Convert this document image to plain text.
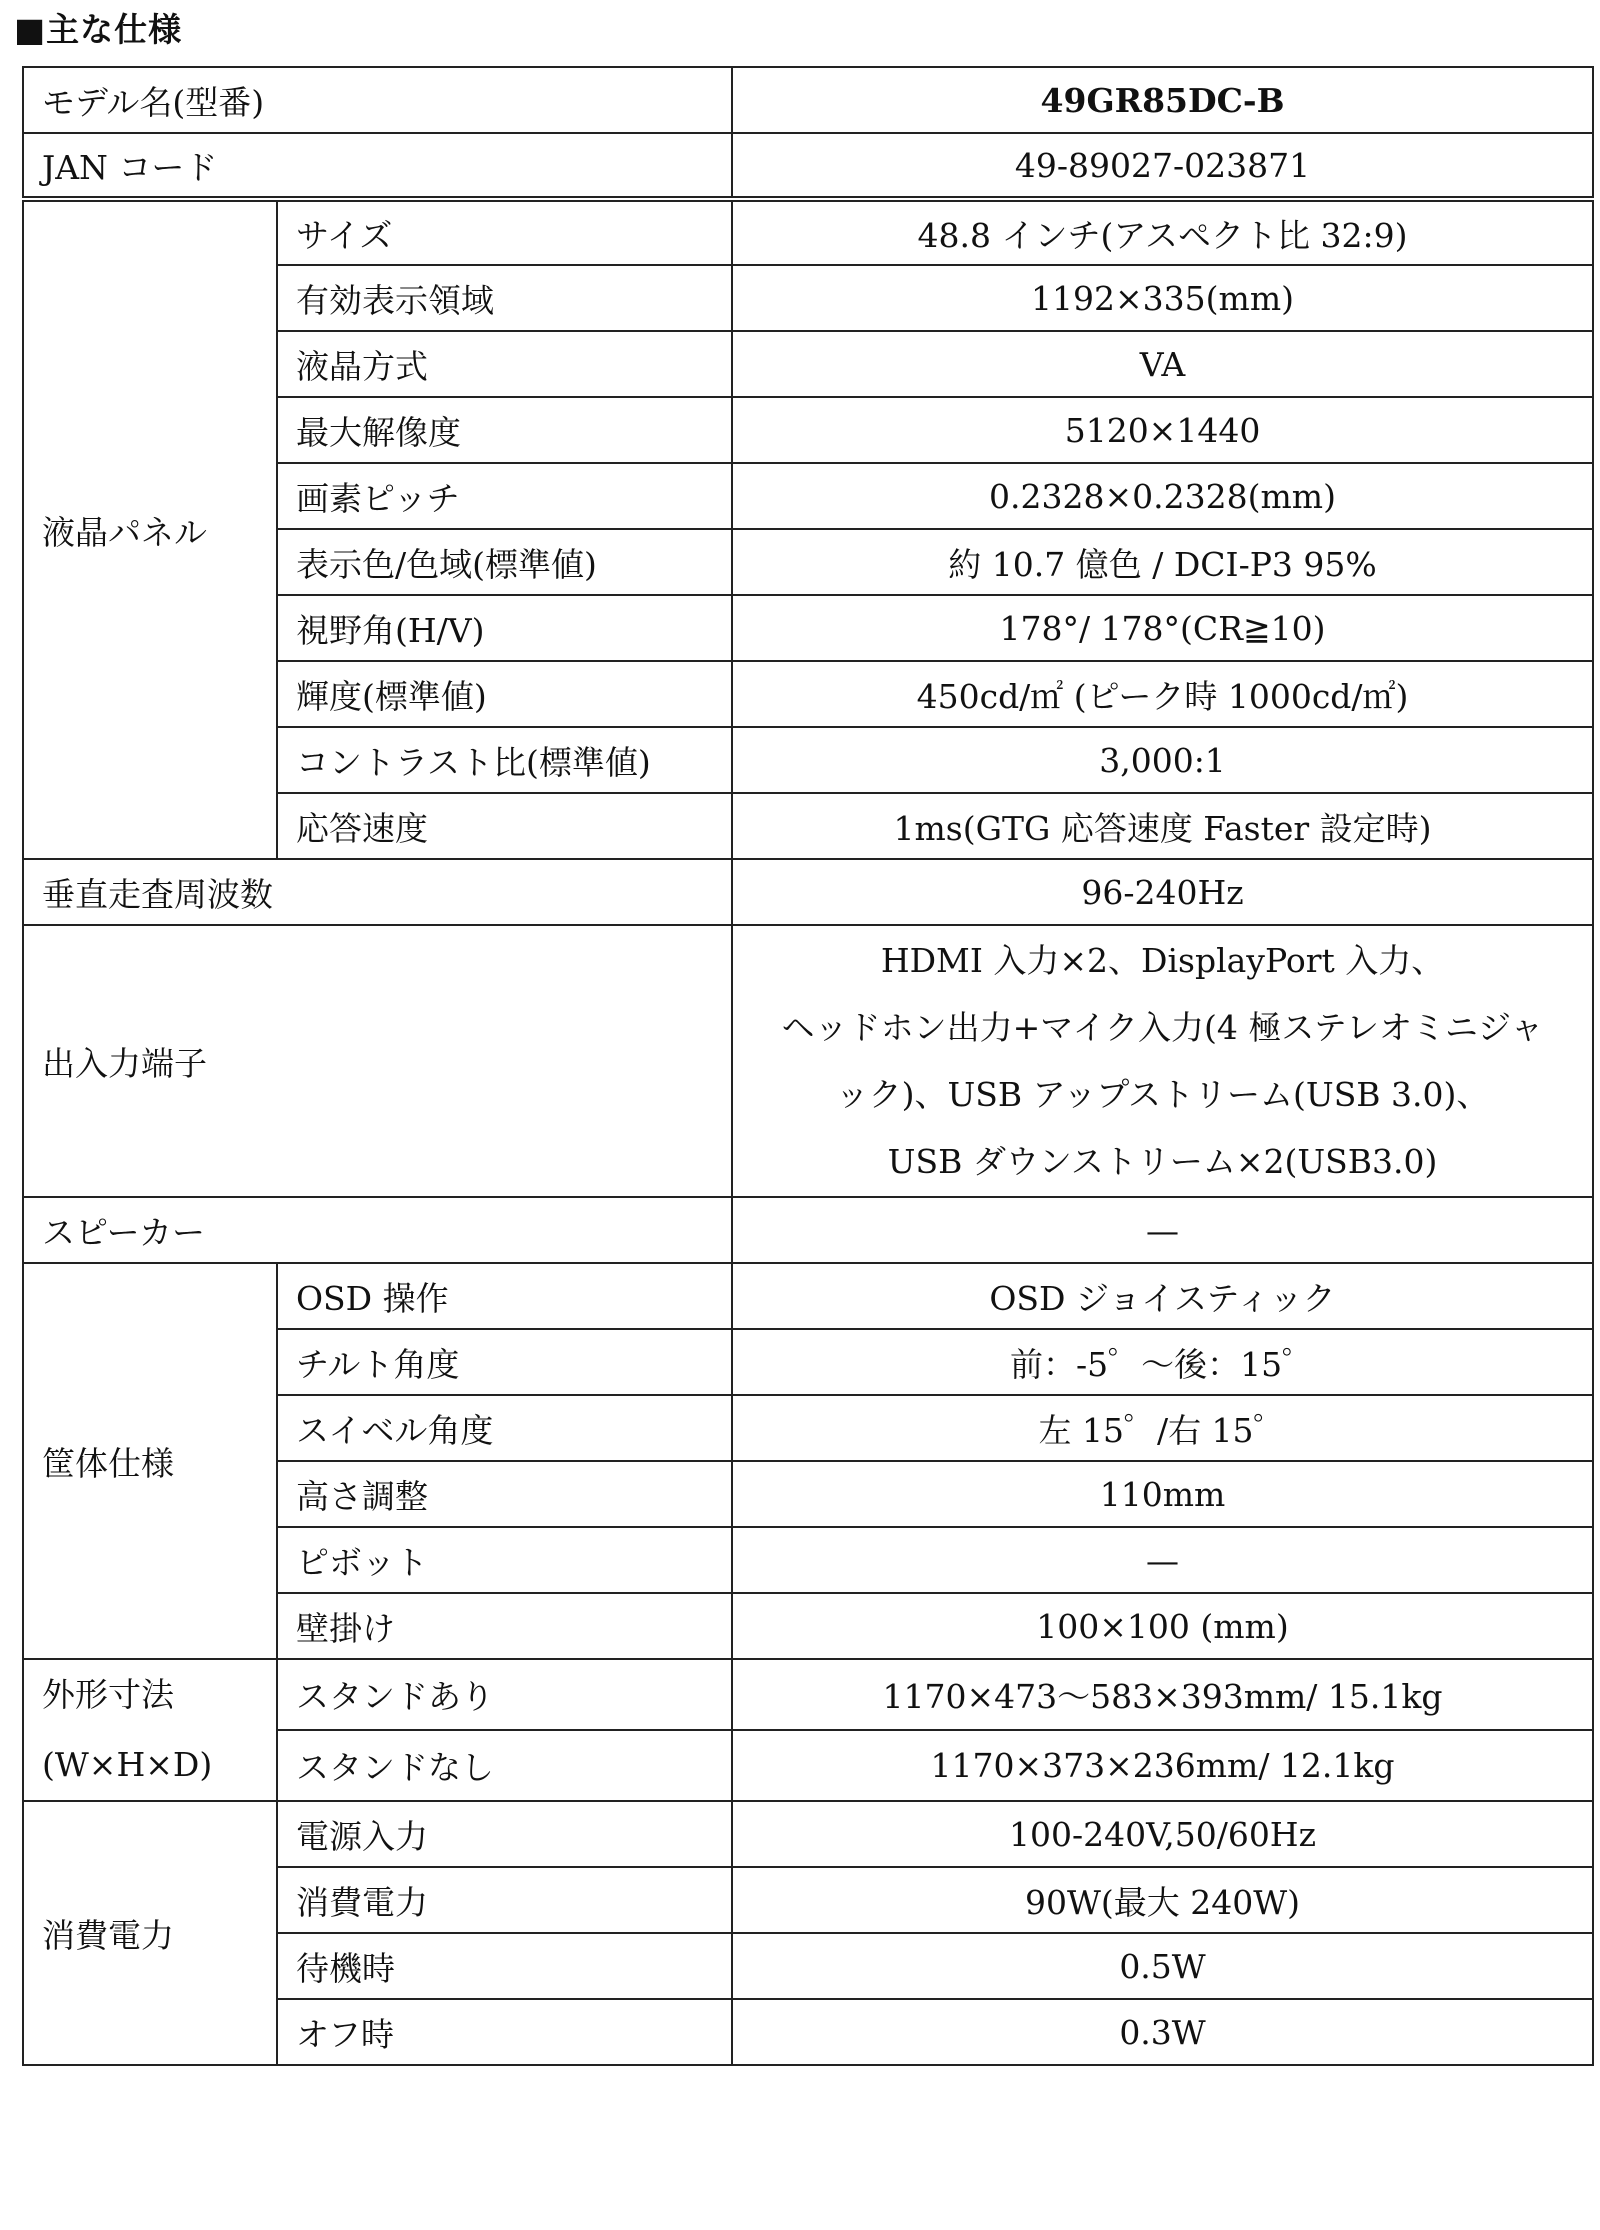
■主な仕様
モデル名(型番)		49GR85DC-B
JAN コード		49-89027-023871
液晶パネル	サイズ	48.8 インチ(アスペクト比 32:9)
	有効表示領域	1192×335(mm)
	液晶方式	VA
	最大解像度	5120×1440
	画素ピッチ	0.2328×0.2328(mm)
	表示色/色域(標準値)	約 10.7 億色 / DCI-P3 95%
	視野角(H/V)	178°/ 178°(CR≧10)
	輝度(標準値)	450cd/㎡ (ピーク時 1000cd/㎡)
	コントラスト比(標準値)	3,000:1
	応答速度	1ms(GTG 応答速度 Faster 設定時)
垂直走査周波数		96-240Hz
出入力端子		HDMI 入力×2、DisplayPort 入力、
ヘッドホン出力+マイク入力(4 極ステレオミニジャ
ック)、USB アップストリーム(USB 3.0)、
USB ダウンストリーム×2(USB3.0)

スピーカー		—
筐体仕様	OSD 操作	OSD ジョイスティック
	チルト角度	前：-5゜～後：15゜
	スイベル角度	左 15゜/右 15゜
	高さ調整	110mm
	ピボット	—
	壁掛け	100×100 (mm)

外形寸法
(W×H×D)	スタンドあり	1170×473～583×393mm/ 15.1kg
	スタンドなし	1170×373×236mm/ 12.1kg
消費電力	電源入力	100-240V,50/60Hz
	消費電力	90W(最大 240W)
	待機時	0.5W
	オフ時	0.3W
